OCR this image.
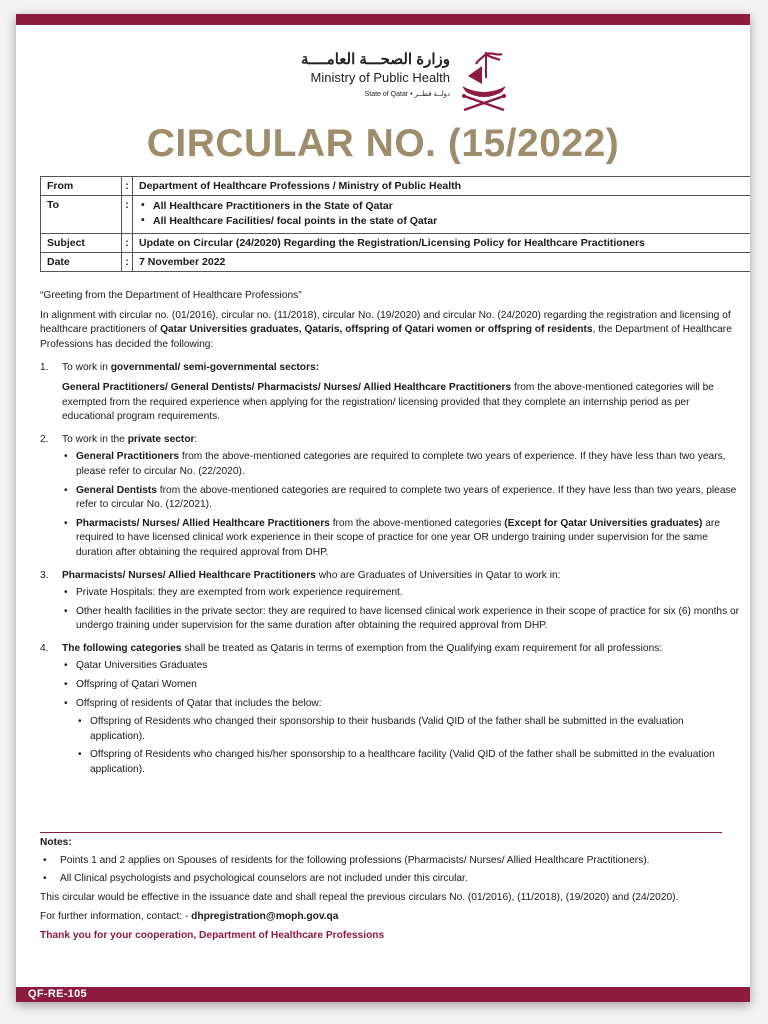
وزارة الصحـــة العامــــة
Ministry of Public Health
State of Qatar • دولــة قطــر
CIRCULAR NO. (15/2022)
From	:	Department of Healthcare Professions / Ministry of Public Health
To	:	• All Healthcare Practitioners in the State of Qatar
• All Healthcare Facilities/ focal points in the state of Qatar

Subject	:	Update on Circular (24/2020) Regarding the Registration/Licensing Policy for Healthcare Practitioners
Date	:	7 November 2022
“Greeting from the Department of Healthcare Professions”
In alignment with circular no. (01/2016), circular no. (11/2018), circular No. (19/2020) and circular No. (24/2020) regarding the registration and licensing of healthcare practitioners of Qatar Universities graduates, Qataris, offspring of Qatari women or offspring of residents, the Department of Healthcare Professions has decided the following:
1. To work in governmental/ semi-governmental sectors:
General Practitioners/ General Dentists/ Pharmacists/ Nurses/ Allied Healthcare Practitioners from the above-mentioned categories will be exempted from the required experience when applying for the registration/ licensing provided that they complete an internship period as per educational program requirements.
2. To work in the private sector:
• General Practitioners from the above-mentioned categories are required to complete two years of experience. If they have less than two years, please refer to circular No. (22/2020).
• General Dentists from the above-mentioned categories are required to complete two years of experience. If they have less than two years, please refer to circular No. (12/2021).
• Pharmacists/ Nurses/ Allied Healthcare Practitioners from the above-mentioned categories (Except for Qatar Universities graduates) are required to have licensed clinical work experience in their scope of practice for one year OR undergo training under supervision for the same duration after obtaining the required approval from DHP.
3. Pharmacists/ Nurses/ Allied Healthcare Practitioners who are Graduates of Universities in Qatar to work in:
• Private Hospitals: they are exempted from work experience requirement.
• Other health facilities in the private sector: they are required to have licensed clinical work experience in their scope of practice for six (6) months or undergo training under supervision for the same duration after obtaining the required approval from DHP.
4. The following categories shall be treated as Qataris in terms of exemption from the Qualifying exam requirement for all professions:
• Qatar Universities Graduates
• Offspring of Qatari Women
• Offspring of residents of Qatar that includes the below:
• Offspring of Residents who changed their sponsorship to their husbands (Valid QID of the father shall be submitted in the evaluation application).
• Offspring of Residents who changed his/her sponsorship to a healthcare facility (Valid QID of the father shall be submitted in the evaluation application).
Notes:
• Points 1 and 2 applies on Spouses of residents for the following professions (Pharmacists/ Nurses/ Allied Healthcare Practitioners).
• All Clinical psychologists and psychological counselors are not included under this circular.
This circular would be effective in the issuance date and shall repeal the previous circulars No. (01/2016), (11/2018), (19/2020) and (24/2020).
For further information, contact: - dhpregistration@moph.gov.qa
Thank you for your cooperation, Department of Healthcare Professions
QF-RE-105
